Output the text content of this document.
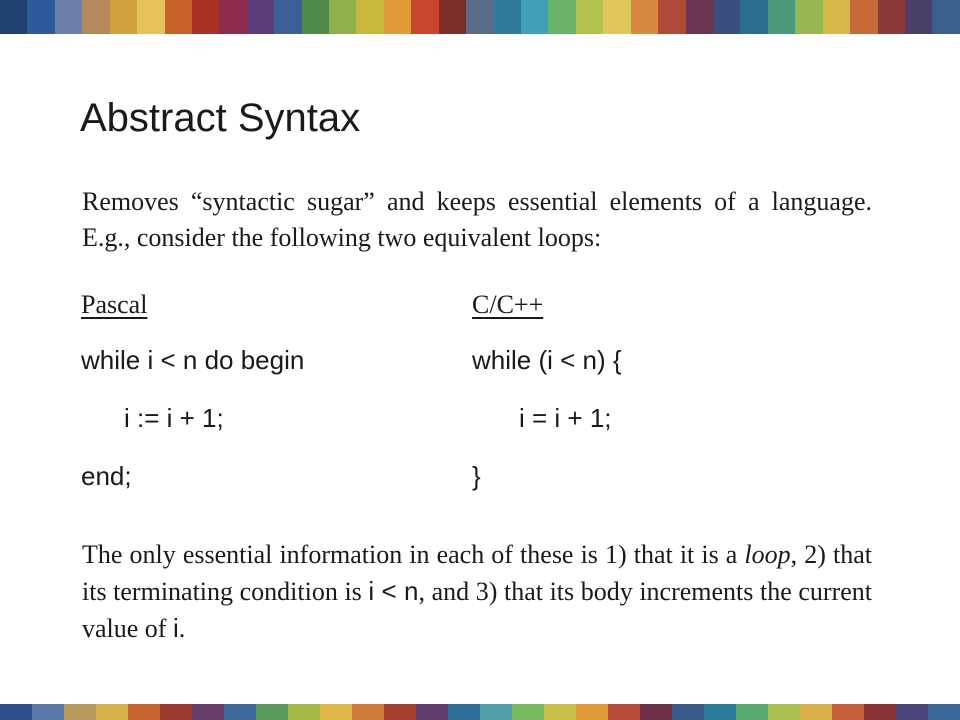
Abstract Syntax
Removes “syntactic sugar” and keeps essential elements of a language. E.g., consider the following two equivalent loops:
Pascal
while i < n do begin
i := i + 1;
end;
C/C++
while (i < n) {
i = i + 1;
}
The only essential information in each of these is 1) that it is a loop, 2) that its terminating condition is i < n, and 3) that its body increments the current value of i.
